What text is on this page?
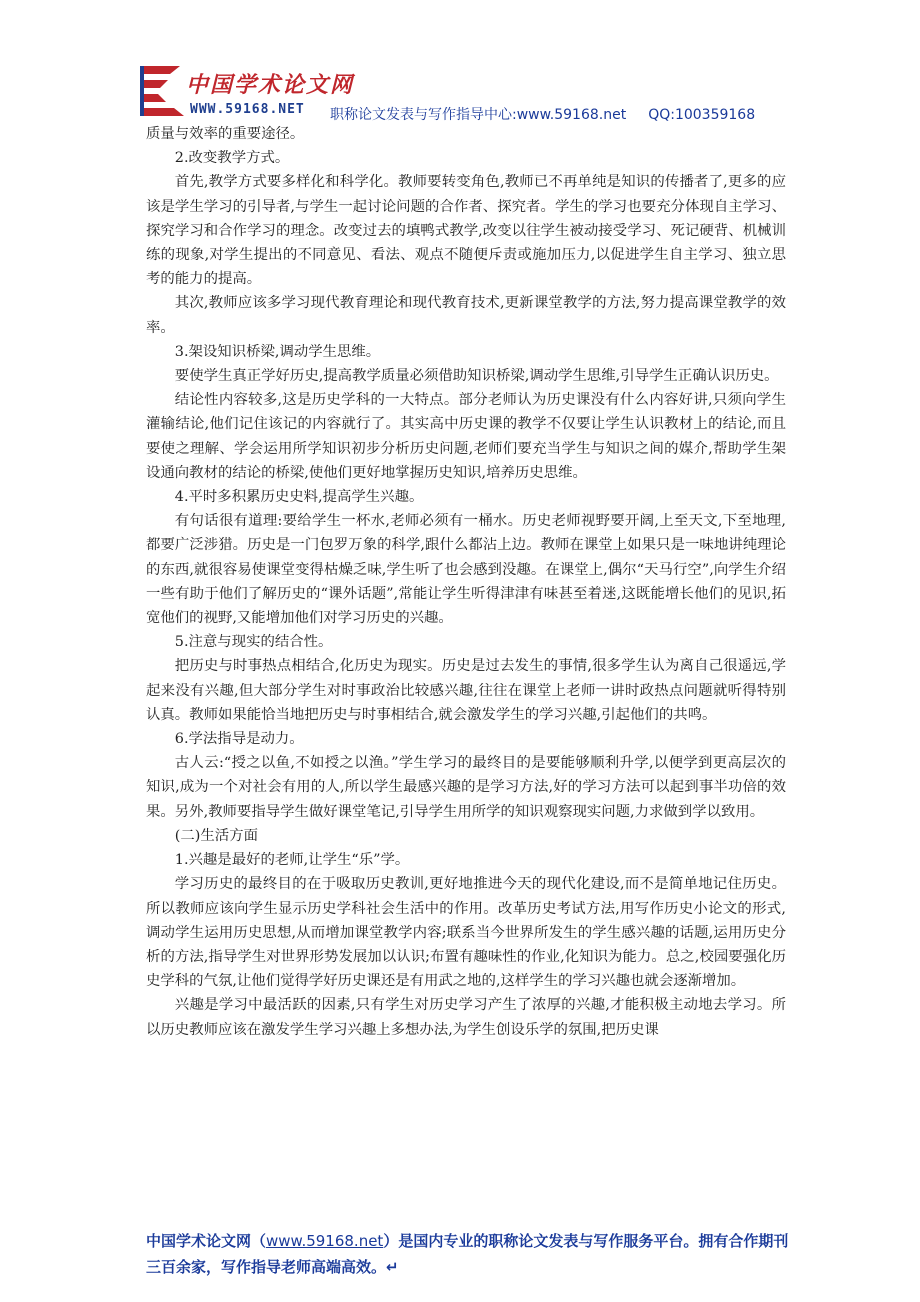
中国学术论文网
WWW.59168.NET 职称论文发表与写作指导中心:www.59168.net QQ:100359168

质量与效率的重要途径。

2.改变教学方式。

首先,教学方式要多样化和科学化。教师要转变角色,教师已不再单纯是知识的传播者了,更多的应该是学生学习的引导者,与学生一起讨论问题的合作者、探究者。学生的学习也要充分体现自主学习、探究学习和合作学习的理念。改变过去的填鸭式教学,改变以往学生被动接受学习、死记硬背、机械训练的现象,对学生提出的不同意见、看法、观点不随便斥责或施加压力,以促进学生自主学习、独立思考的能力的提高。

其次,教师应该多学习现代教育理论和现代教育技术,更新课堂教学的方法,努力提高课堂教学的效率。

3.架设知识桥梁,调动学生思维。

要使学生真正学好历史,提高教学质量必须借助知识桥梁,调动学生思维,引导学生正确认识历史。

结论性内容较多,这是历史学科的一大特点。部分老师认为历史课没有什么内容好讲,只须向学生灌输结论,他们记住该记的内容就行了。其实高中历史课的教学不仅要让学生认识教材上的结论,而且要使之理解、学会运用所学知识初步分析历史问题,老师们要充当学生与知识之间的媒介,帮助学生架设通向教材的结论的桥梁,使他们更好地掌握历史知识,培养历史思维。

4.平时多积累历史史料,提高学生兴趣。

有句话很有道理:要给学生一杯水,老师必须有一桶水。历史老师视野要开阔,上至天文,下至地理,都要广泛涉猎。历史是一门包罗万象的科学,跟什么都沾上边。教师在课堂上如果只是一味地讲纯理论的东西,就很容易使课堂变得枯燥乏味,学生听了也会感到没趣。在课堂上,偶尔“天马行空”,向学生介绍一些有助于他们了解历史的“课外话题”,常能让学生听得津津有味甚至着迷,这既能增长他们的见识,拓宽他们的视野,又能增加他们对学习历史的兴趣。

5.注意与现实的结合性。

把历史与时事热点相结合,化历史为现实。历史是过去发生的事情,很多学生认为离自己很遥远,学起来没有兴趣,但大部分学生对时事政治比较感兴趣,往往在课堂上老师一讲时政热点问题就听得特别认真。教师如果能恰当地把历史与时事相结合,就会激发学生的学习兴趣,引起他们的共鸣。

6.学法指导是动力。

古人云:“授之以鱼,不如授之以渔。”学生学习的最终目的是要能够顺利升学,以便学到更高层次的知识,成为一个对社会有用的人,所以学生最感兴趣的是学习方法,好的学习方法可以起到事半功倍的效果。另外,教师要指导学生做好课堂笔记,引导学生用所学的知识观察现实问题,力求做到学以致用。

(二)生活方面

1.兴趣是最好的老师,让学生“乐”学。

学习历史的最终目的在于吸取历史教训,更好地推进今天的现代化建设,而不是简单地记住历史。所以教师应该向学生显示历史学科社会生活中的作用。改革历史考试方法,用写作历史小论文的形式,调动学生运用历史思想,从而增加课堂教学内容;联系当今世界所发生的学生感兴趣的话题,运用历史分析的方法,指导学生对世界形势发展加以认识;布置有趣味性的作业,化知识为能力。总之,校园要强化历史学科的气氛,让他们觉得学好历史课还是有用武之地的,这样学生的学习兴趣也就会逐渐增加。

兴趣是学习中最活跃的因素,只有学生对历史学习产生了浓厚的兴趣,才能积极主动地去学习。所以历史教师应该在激发学生学习兴趣上多想办法,为学生创设乐学的氛围,把历史课

中国学术论文网（www.59168.net）是国内专业的职称论文发表与写作服务平台。拥有合作期刊三百余家，写作指导老师高端高效。↵
